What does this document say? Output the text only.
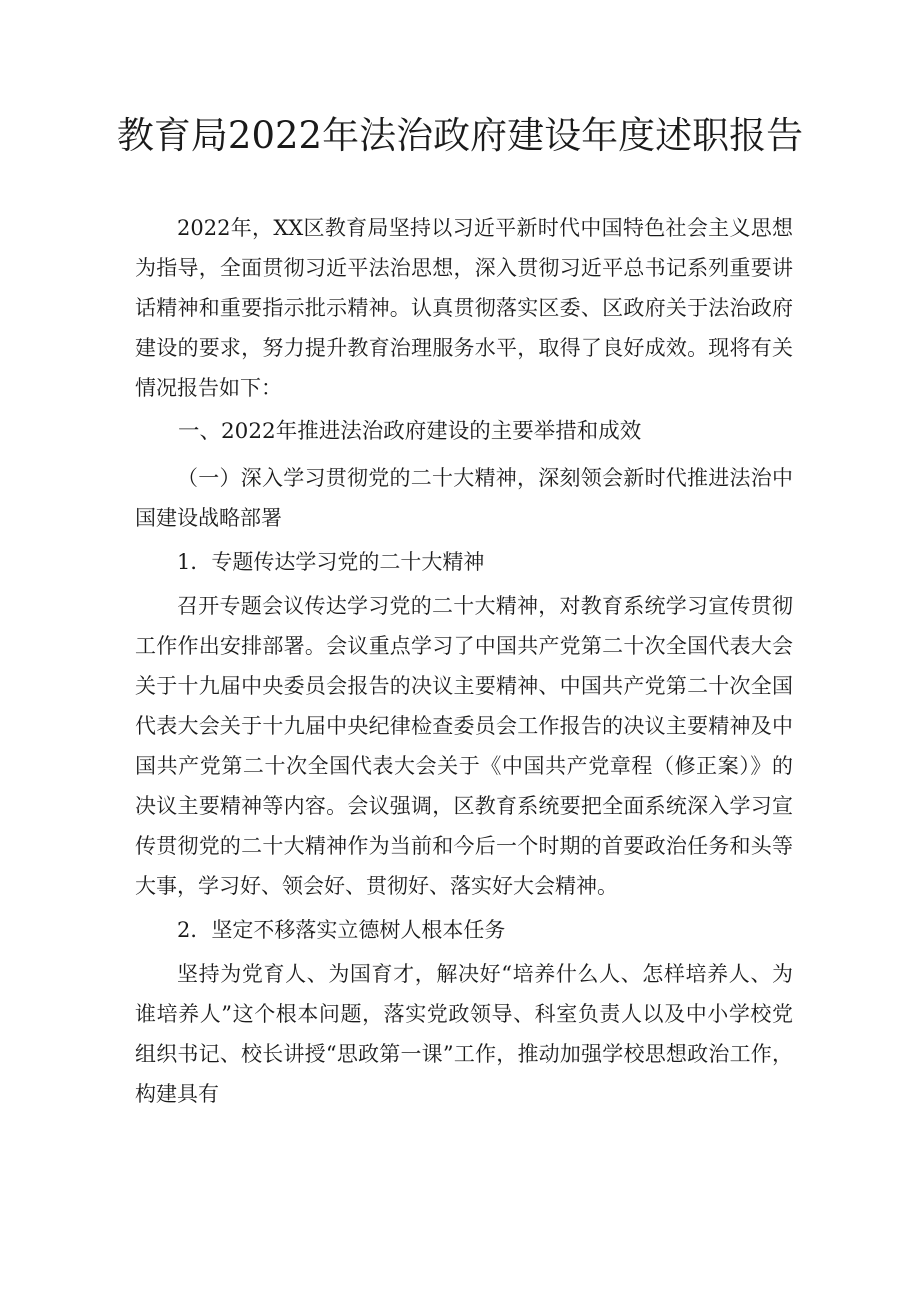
教育局2022年法治政府建设年度述职报告

2022年，XX区教育局坚持以习近平新时代中国特色社会主义思想为指导，全面贯彻习近平法治思想，深入贯彻习近平总书记系列重要讲话精神和重要指示批示精神。认真贯彻落实区委、区政府关于法治政府建设的要求，努力提升教育治理服务水平，取得了良好成效。现将有关情况报告如下：

一、2022年推进法治政府建设的主要举措和成效

（一）深入学习贯彻党的二十大精神，深刻领会新时代推进法治中国建设战略部署

1．专题传达学习党的二十大精神

召开专题会议传达学习党的二十大精神，对教育系统学习宣传贯彻工作作出安排部署。会议重点学习了中国共产党第二十次全国代表大会关于十九届中央委员会报告的决议主要精神、中国共产党第二十次全国代表大会关于十九届中央纪律检查委员会工作报告的决议主要精神及中国共产党第二十次全国代表大会关于《中国共产党章程（修正案）》的决议主要精神等内容。会议强调，区教育系统要把全面系统深入学习宣传贯彻党的二十大精神作为当前和今后一个时期的首要政治任务和头等大事，学习好、领会好、贯彻好、落实好大会精神。

2．坚定不移落实立德树人根本任务

坚持为党育人、为国育才，解决好“培养什么人、怎样培养人、为谁培养人”这个根本问题，落实党政领导、科室负责人以及中小学校党组织书记、校长讲授“思政第一课”工作，推动加强学校思想政治工作，构建具有
